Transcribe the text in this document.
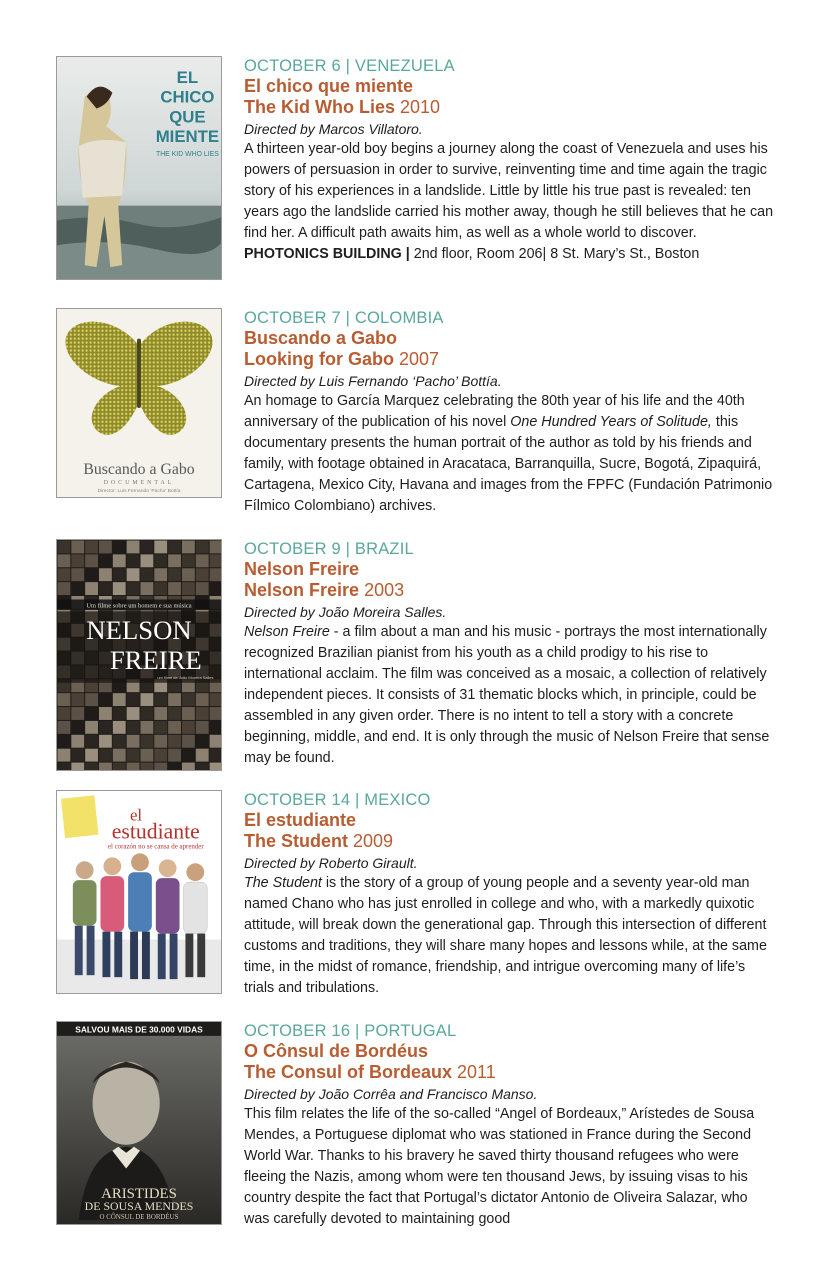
EL
CHICO
QUE
MIENTE
THE KID WHO LIES
OCTOBER 6 | VENEZUELA
El chico que miente
The Kid Who Lies 2010
Directed by Marcos Villatoro.

A thirteen year-old boy begins a journey along the coast of Venezuela and uses his powers of persuasion in order to survive, reinventing time and time again the tragic story of his experiences in a landslide. Little by little his true past is revealed: ten years ago the landslide carried his mother away, though he still believes that he can find her. A difficult path awaits him, as well as a whole world to discover.

PHOTONICS BUILDING | 2nd floor, Room 206| 8 St. Mary’s St., Boston
Buscando a Gabo
DOCUMENTAL
Director: Luis Fernando 'Pacho' Bottía
OCTOBER 7 | COLOMBIA
Buscando a Gabo
Looking for Gabo 2007
Directed by Luis Fernando ‘Pacho’ Bottía.

An homage to García Marquez celebrating the 80th year of his life and the 40th anniversary of the publication of his novel One Hundred Years of Solitude, this documentary presents the human portrait of the author as told by his friends and family, with footage obtained in Aracataca, Barranquilla, Sucre, Bogotá, Zipaquirá, Cartagena, Mexico City, Havana and images from the FPFC (Fundación Patrimonio Fílmico Colombiano) archives.

Um filme sobre um homem e sua música
NELSON
FREIRE
um filme de João Moreira Salles
OCTOBER 9 | BRAZIL
Nelson Freire
Nelson Freire 2003
Directed by João Moreira Salles.

Nelson Freire - a film about a man and his music - portrays the most internationally recognized Brazilian pianist from his youth as a child prodigy to his rise to international acclaim. The film was conceived as a mosaic, a collection of relatively independent pieces. It consists of 31 thematic blocks which, in principle, could be assembled in any given order. There is no intent to tell a story with a concrete beginning, middle, and end. It is only through the music of Nelson Freire that sense may be found.

el
estudiante
el corazón no se cansa de aprender
OCTOBER 14 | MEXICO
El estudiante
The Student 2009
Directed by Roberto Girault.

The Student is the story of a group of young people and a seventy year-old man named Chano who has just enrolled in college and who, with a markedly quixotic attitude, will break down the generational gap. Through this intersection of different customs and traditions, they will share many hopes and lessons while, at the same time, in the midst of romance, friendship, and intrigue overcoming many of life’s trials and tribulations.

SALVOU MAIS DE 30.000 VIDAS
ARISTIDES
DE SOUSA MENDES
O CÔNSUL DE BORDÉUS
OCTOBER 16 | PORTUGAL
O Cônsul de Bordéus
The Consul of Bordeaux 2011
Directed by João Corrêa and Francisco Manso.

This film relates the life of the so-called “Angel of Bordeaux,” Arístedes de Sousa Mendes, a Portuguese diplomat who was stationed in France during the Second World War. Thanks to his bravery he saved thirty thousand refugees who were fleeing the Nazis, among whom were ten thousand Jews, by issuing visas to his country despite the fact that Portugal’s dictator Antonio de Oliveira Salazar, who was carefully devoted to maintaining good
